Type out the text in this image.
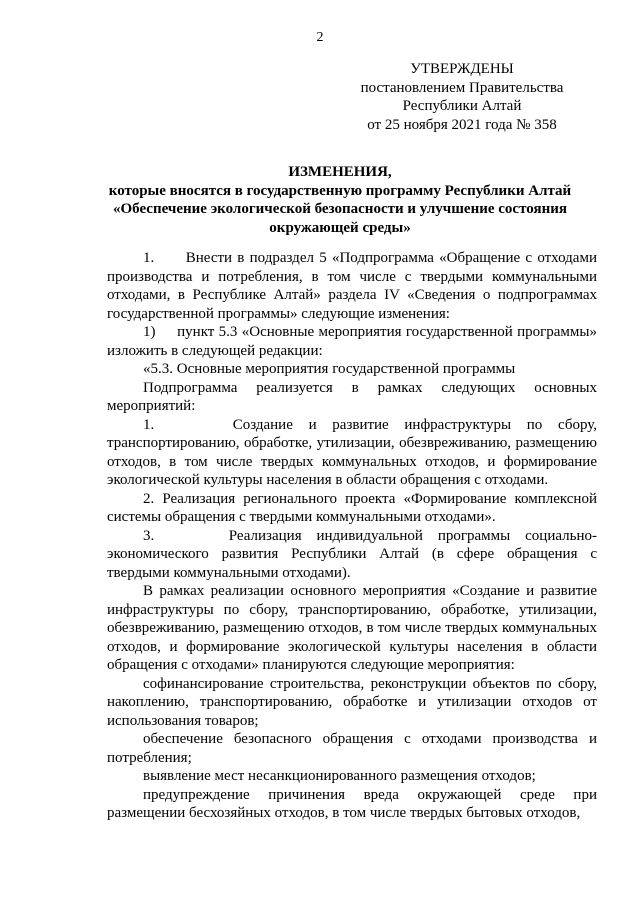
2
УТВЕРЖДЕНЫ
постановлением Правительства
Республики Алтай
от 25 ноября 2021 года № 358
ИЗМЕНЕНИЯ,
которые вносятся в государственную программу Республики Алтай
«Обеспечение экологической безопасности и улучшение состояния
окружающей среды»

1.      Внести в подраздел 5 «Подпрограмма «Обращение с отходами производства и потребления, в том числе с твердыми коммунальными отходами, в Республике Алтай» раздела IV «Сведения о подпрограммах государственной программы» следующие изменения:

1)     пункт 5.3 «Основные мероприятия государственной программы» изложить в следующей редакции:

«5.3. Основные мероприятия государственной программы

Подпрограмма реализуется в рамках следующих основных мероприятий:

1.     Создание и развитие инфраструктуры по сбору, транспортированию, обработке, утилизации, обезвреживанию, размещению отходов, в том числе твердых коммунальных отходов, и формирование экологической культуры населения в области обращения с отходами.

2. Реализация регионального проекта «Формирование комплексной системы обращения с твердыми коммунальными отходами».

3.     Реализация индивидуальной программы социально-экономического развития Республики Алтай (в сфере обращения с твердыми коммунальными отходами).

В рамках реализации основного мероприятия «Создание и развитие инфраструктуры по сбору, транспортированию, обработке, утилизации, обезвреживанию, размещению отходов, в том числе твердых коммунальных отходов, и формирование экологической культуры населения в области обращения с отходами» планируются следующие мероприятия:

софинансирование строительства, реконструкции объектов по сбору, накоплению, транспортированию, обработке и утилизации отходов от использования товаров;

обеспечение безопасного обращения с отходами производства и потребления;

выявление мест несанкционированного размещения отходов;

предупреждение причинения вреда окружающей среде при размещении бесхозяйных отходов, в том числе твердых бытовых отходов,
